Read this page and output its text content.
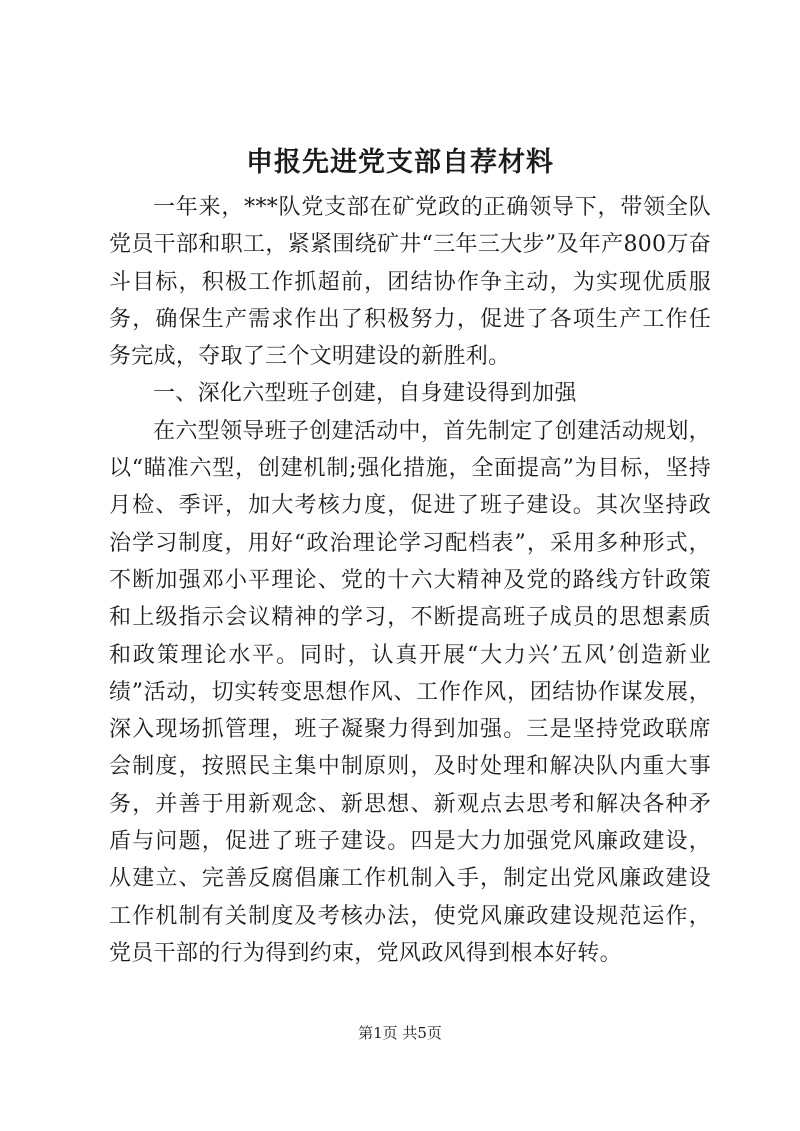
申报先进党支部自荐材料

一年来，***队党支部在矿党政的正确领导下，带领全队党员干部和职工，紧紧围绕矿井“三年三大步”及年产800万奋斗目标，积极工作抓超前，团结协作争主动，为实现优质服务，确保生产需求作出了积极努力，促进了各项生产工作任务完成，夺取了三个文明建设的新胜利。

一、深化六型班子创建，自身建设得到加强

在六型领导班子创建活动中，首先制定了创建活动规划，以“瞄准六型，创建机制;强化措施，全面提高”为目标，坚持月检、季评，加大考核力度，促进了班子建设。其次坚持政治学习制度，用好“政治理论学习配档表”，采用多种形式，不断加强邓小平理论、党的十六大精神及党的路线方针政策和上级指示会议精神的学习，不断提高班子成员的思想素质和政策理论水平。同时，认真开展“大力兴’五风’创造新业绩”活动，切实转变思想作风、工作作风，团结协作谋发展，深入现场抓管理，班子凝聚力得到加强。三是坚持党政联席会制度，按照民主集中制原则，及时处理和解决队内重大事务，并善于用新观念、新思想、新观点去思考和解决各种矛盾与问题，促进了班子建设。四是大力加强党风廉政建设，从建立、完善反腐倡廉工作机制入手，制定出党风廉政建设工作机制有关制度及考核办法，使党风廉政建设规范运作，党员干部的行为得到约束，党风政风得到根本好转。

第1页 共5页
